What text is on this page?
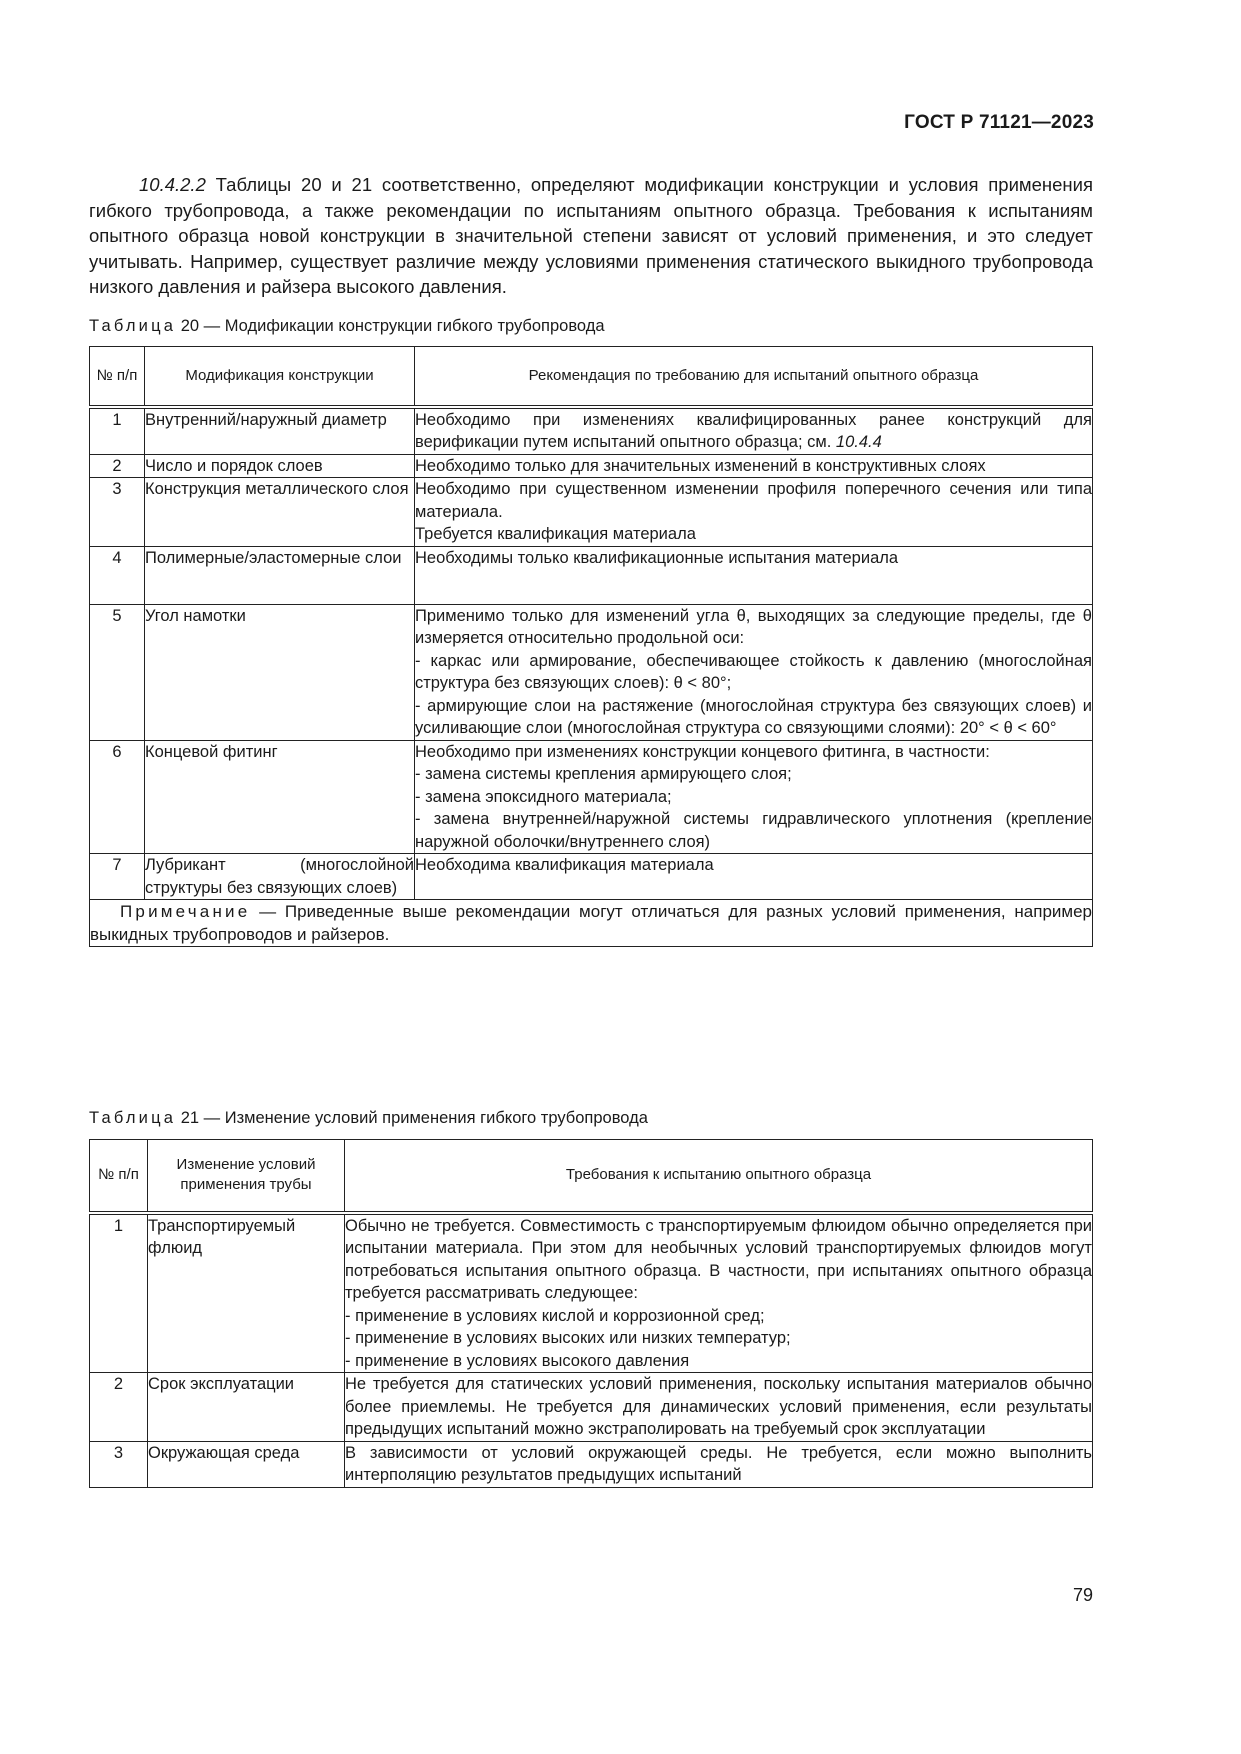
ГОСТ Р 71121—2023

10.4.2.2 Таблицы 20 и 21 соответственно, определяют модификации конструкции и условия применения гибкого трубопровода, а также рекомендации по испытаниям опытного образца. Требования к испытаниям опытного образца новой конструкции в значительной степени зависят от условий применения, и это следует учитывать. Например, существует различие между условиями применения статического выкидного трубопровода низкого давления и райзера высокого давления.

Таблица 20 — Модификации конструкции гибкого трубопровода
№ п/п	Модификация конструкции	Рекомендация по требованию для испытаний опытного образца
1	Внутренний/наружный диаметр	Необходимо при изменениях квалифицированных ранее конструкций для верификации путем испытаний опытного образца; см. 10.4.4
2	Число и порядок слоев	Необходимо только для значительных изменений в конструктивных слоях

3	Конструкция металлического слоя	Необходимо при существенном изменении профиля поперечного сечения или типа материала.
Требуется квалификация материала

4	Полимерные/эластомерные слои	Необходимы только квалификационные испытания материала

5	Угол намотки	Применимо только для изменений угла θ, выходящих за следующие пределы, где θ измеряется относительно продольной оси:
- каркас или армирование, обеспечивающее стойкость к давлению (многослойная структура без связующих слоев): θ < 80°;
- армирующие слои на растяжение (многослойная структура без связующих слоев) и усиливающие слои (многослойная структура со связующими слоями): 20° < θ < 60°

6	Концевой фитинг	Необходимо при изменениях конструкции концевого фитинга, в частности:
- замена системы крепления армирующего слоя;
- замена эпоксидного материала;
- замена внутренней/наружной системы гидравлического уплотнения (крепление наружной оболочки/внутреннего слоя)

7	Лубрикант (многослойной структуры без связующих слоев)	Необходима квалификация материала

Примечание — Приведенные выше рекомендации могут отличаться для разных условий применения, например выкидных трубопроводов и райзеров.		
Таблица 21 — Изменение условий применения гибкого трубопровода
№ п/п	Изменение условий применения трубы	Требования к испытанию опытного образца
1	Транспортируемый флюид	Обычно не требуется. Совместимость с транспортируемым флюидом обычно определяется при испытании материала. При этом для необычных условий транспортируемых флюидов могут потребоваться испытания опытного образца. В частности, при испытаниях опытного образца требуется рассматривать следующее:
- применение в условиях кислой и коррозионной сред;
- применение в условиях высоких или низких температур;
- применение в условиях высокого давления

2	Срок эксплуатации	Не требуется для статических условий применения, поскольку испытания материалов обычно более приемлемы. Не требуется для динамических условий применения, если результаты предыдущих испытаний можно экстраполировать на требуемый срок эксплуатации

3	Окружающая среда	В зависимости от условий окружающей среды. Не требуется, если можно выполнить интерполяцию результатов предыдущих испытаний
79
